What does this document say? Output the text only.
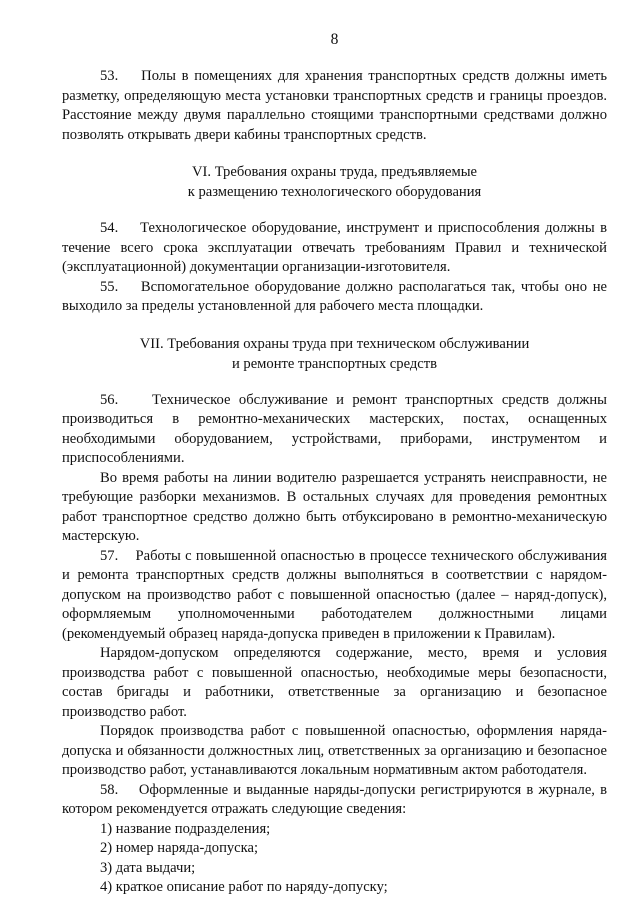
8

53.    Полы в помещениях для хранения транспортных средств должны иметь разметку, определяющую места установки транспортных средств и границы проездов. Расстояние между двумя параллельно стоящими транспортными средствами должно позволять открывать двери кабины транспортных средств.

VI. Требования охраны труда, предъявляемые
к размещению технологического оборудования

54.    Технологическое оборудование, инструмент и приспособления должны в течение всего срока эксплуатации отвечать требованиям Правил и технической (эксплуатационной) документации организации-изготовителя.

55.    Вспомогательное оборудование должно располагаться так, чтобы оно не выходило за пределы установленной для рабочего места площадки.

VII. Требования охраны труда при техническом обслуживании
и ремонте транспортных средств

56.    Техническое обслуживание и ремонт транспортных средств должны производиться в ремонтно-механических мастерских, постах, оснащенных необходимыми оборудованием, устройствами, приборами, инструментом и приспособлениями.

Во время работы на линии водителю разрешается устранять неисправности, не требующие разборки механизмов. В остальных случаях для проведения ремонтных работ транспортное средство должно быть отбуксировано в ремонтно-механическую мастерскую.

57.    Работы с повышенной опасностью в процессе технического обслуживания и ремонта транспортных средств должны выполняться в соответствии с нарядом-допуском на производство работ с повышенной опасностью (далее – наряд-допуск), оформляемым уполномоченными работодателем должностными лицами (рекомендуемый образец наряда-допуска приведен в приложении к Правилам).

Нарядом-допуском определяются содержание, место, время и условия производства работ с повышенной опасностью, необходимые меры безопасности, состав бригады и работники, ответственные за организацию и безопасное производство работ.

Порядок производства работ с повышенной опасностью, оформления наряда-допуска и обязанности должностных лиц, ответственных за организацию и безопасное производство работ, устанавливаются локальным нормативным актом работодателя.

58.    Оформленные и выданные наряды-допуски регистрируются в журнале, в котором рекомендуется отражать следующие сведения:

1) название подразделения;

2) номер наряда-допуска;

3) дата выдачи;

4) краткое описание работ по наряду-допуску;
